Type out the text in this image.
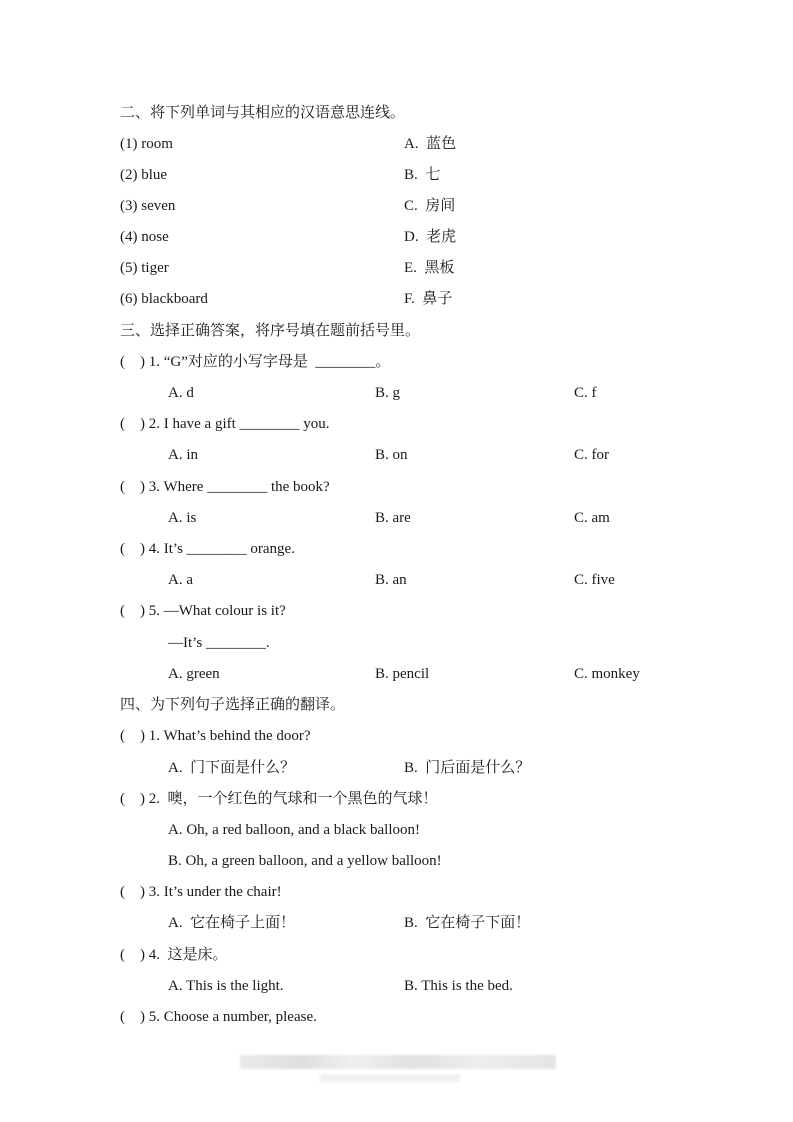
二、将下列单词与其相应的汉语意思连线。
(1) room	A.  蓝色
(2) blue	B.  七
(3) seven	C.  房间
(4) nose	D.  老虎
(5) tiger	E.  黑板
(6) blackboard	F.  鼻子
三、选择正确答案，将序号填在题前括号里。
(    ) 1. “G”对应的小写字母是  ________。
A. d	B. g	C. f
(    ) 2. I have a gift ________ you.
A. in	B. on	C. for
(    ) 3. Where ________ the book?
A. is	B. are	C. am
(    ) 4. It’s ________ orange.
A. a	B. an	C. five
(    ) 5. —What colour is it?
—It’s ________.
A. green	B. pencil	C. monkey
四、为下列句子选择正确的翻译。
(    ) 1. What’s behind the door?
A.  门下面是什么？	B.  门后面是什么？
(    ) 2.  噢，一个红色的气球和一个黑色的气球！
A. Oh, a red balloon, and a black balloon!
B. Oh, a green balloon, and a yellow balloon!
(    ) 3. It’s under the chair!
A.  它在椅子上面！	B.  它在椅子下面！
(    ) 4.  这是床。
A. This is the light.	B. This is the bed.
(    ) 5. Choose a number, please.
